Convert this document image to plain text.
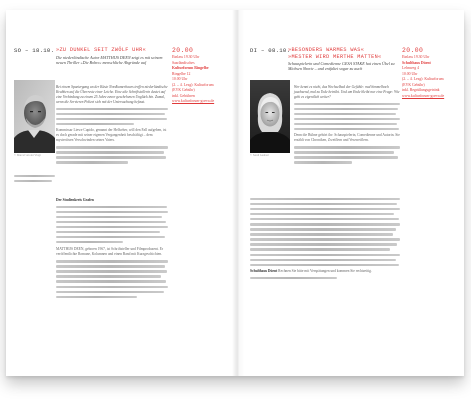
SO – 18.10. »ZU DUNKEL SEIT ZWÖLF UHR«
Die niederländische Autor MATTHIJS DEEN zeigt es mit seinem neuen Thriller »Die Bohre« menschliche Abgründe auf
20.00
Einlass 19.30 Uhr
Saarländisches
Kulturforum Ringelbe
Ringelbe 12
10.00 Uhr
(2. – 4. Lesg): Kulturforum
(EVK Gebühr)
inkl. Gebühren
www.kulturforum-goeva.de
© Marcel van der Vlugt
Bei einem Spaziergang an der Küste Nordkamerbaars treffen niederländische Krabben auf die Überreste einer Leiche. Eine alte Schriftstellerin deutet auf eine Verbindung zu einem 25 Jahre zuvor geschehenen Unglück hin. Zumal, wenn die Servieren Polizei sich mit der Untersuchung befasst.
Kommissar Liewe Cupido, genannt der Hellseher, will den Fall aufgeben, ist es doch gerade mit seiner eigenen Vergangenheit beschäftigt – dem mysteriösen Verschwinden seines Vaters.
Der Studienkreis Grafen
MATTHIJS DEEN, geboren 1967, ist Schriftsteller und Filmproduzent. Er veröffentlichte Romane, Kolumnen und einen Band mit Kurzgeschichten.
DI – 08.10.
»BESONDERS WARMES WAS«
»MESTER WIRD MERTHE MATTEN«
Schauspielerin und Comedienne GESA STAKE hat einen Übel zu Michsen Shorte – und entfaltet sogar zu auch
20.00
Einlass 19.30 Uhr
Schulthaus Dürnt
Lehnweg 4
10.00 Uhr
(2. – 4. Lesg): Kulturforum
(EVK Gebühr)
inkl. Begrüßungsgetränk
www.kulturforum-goeva.de
© Sarah Gaubert
Wer kennt es nicht, das Wechselbad der Gefühle: mal himmelhoch jauchzend, mal zu Tode betrübt. Und am Ende bleibt nur eine Frage: Wie geht es eigentlich weiter?
Denn die Bühne gehört ihr: Schauspielerin, Comedienne und Autorin. Sie erzählt von Chroniken, Zweiflern und Verzweiflern.
Schulthaus Dürnt Rechnen Sie bitte mit Verspätungen und kommen Sie rechtzeitig.
